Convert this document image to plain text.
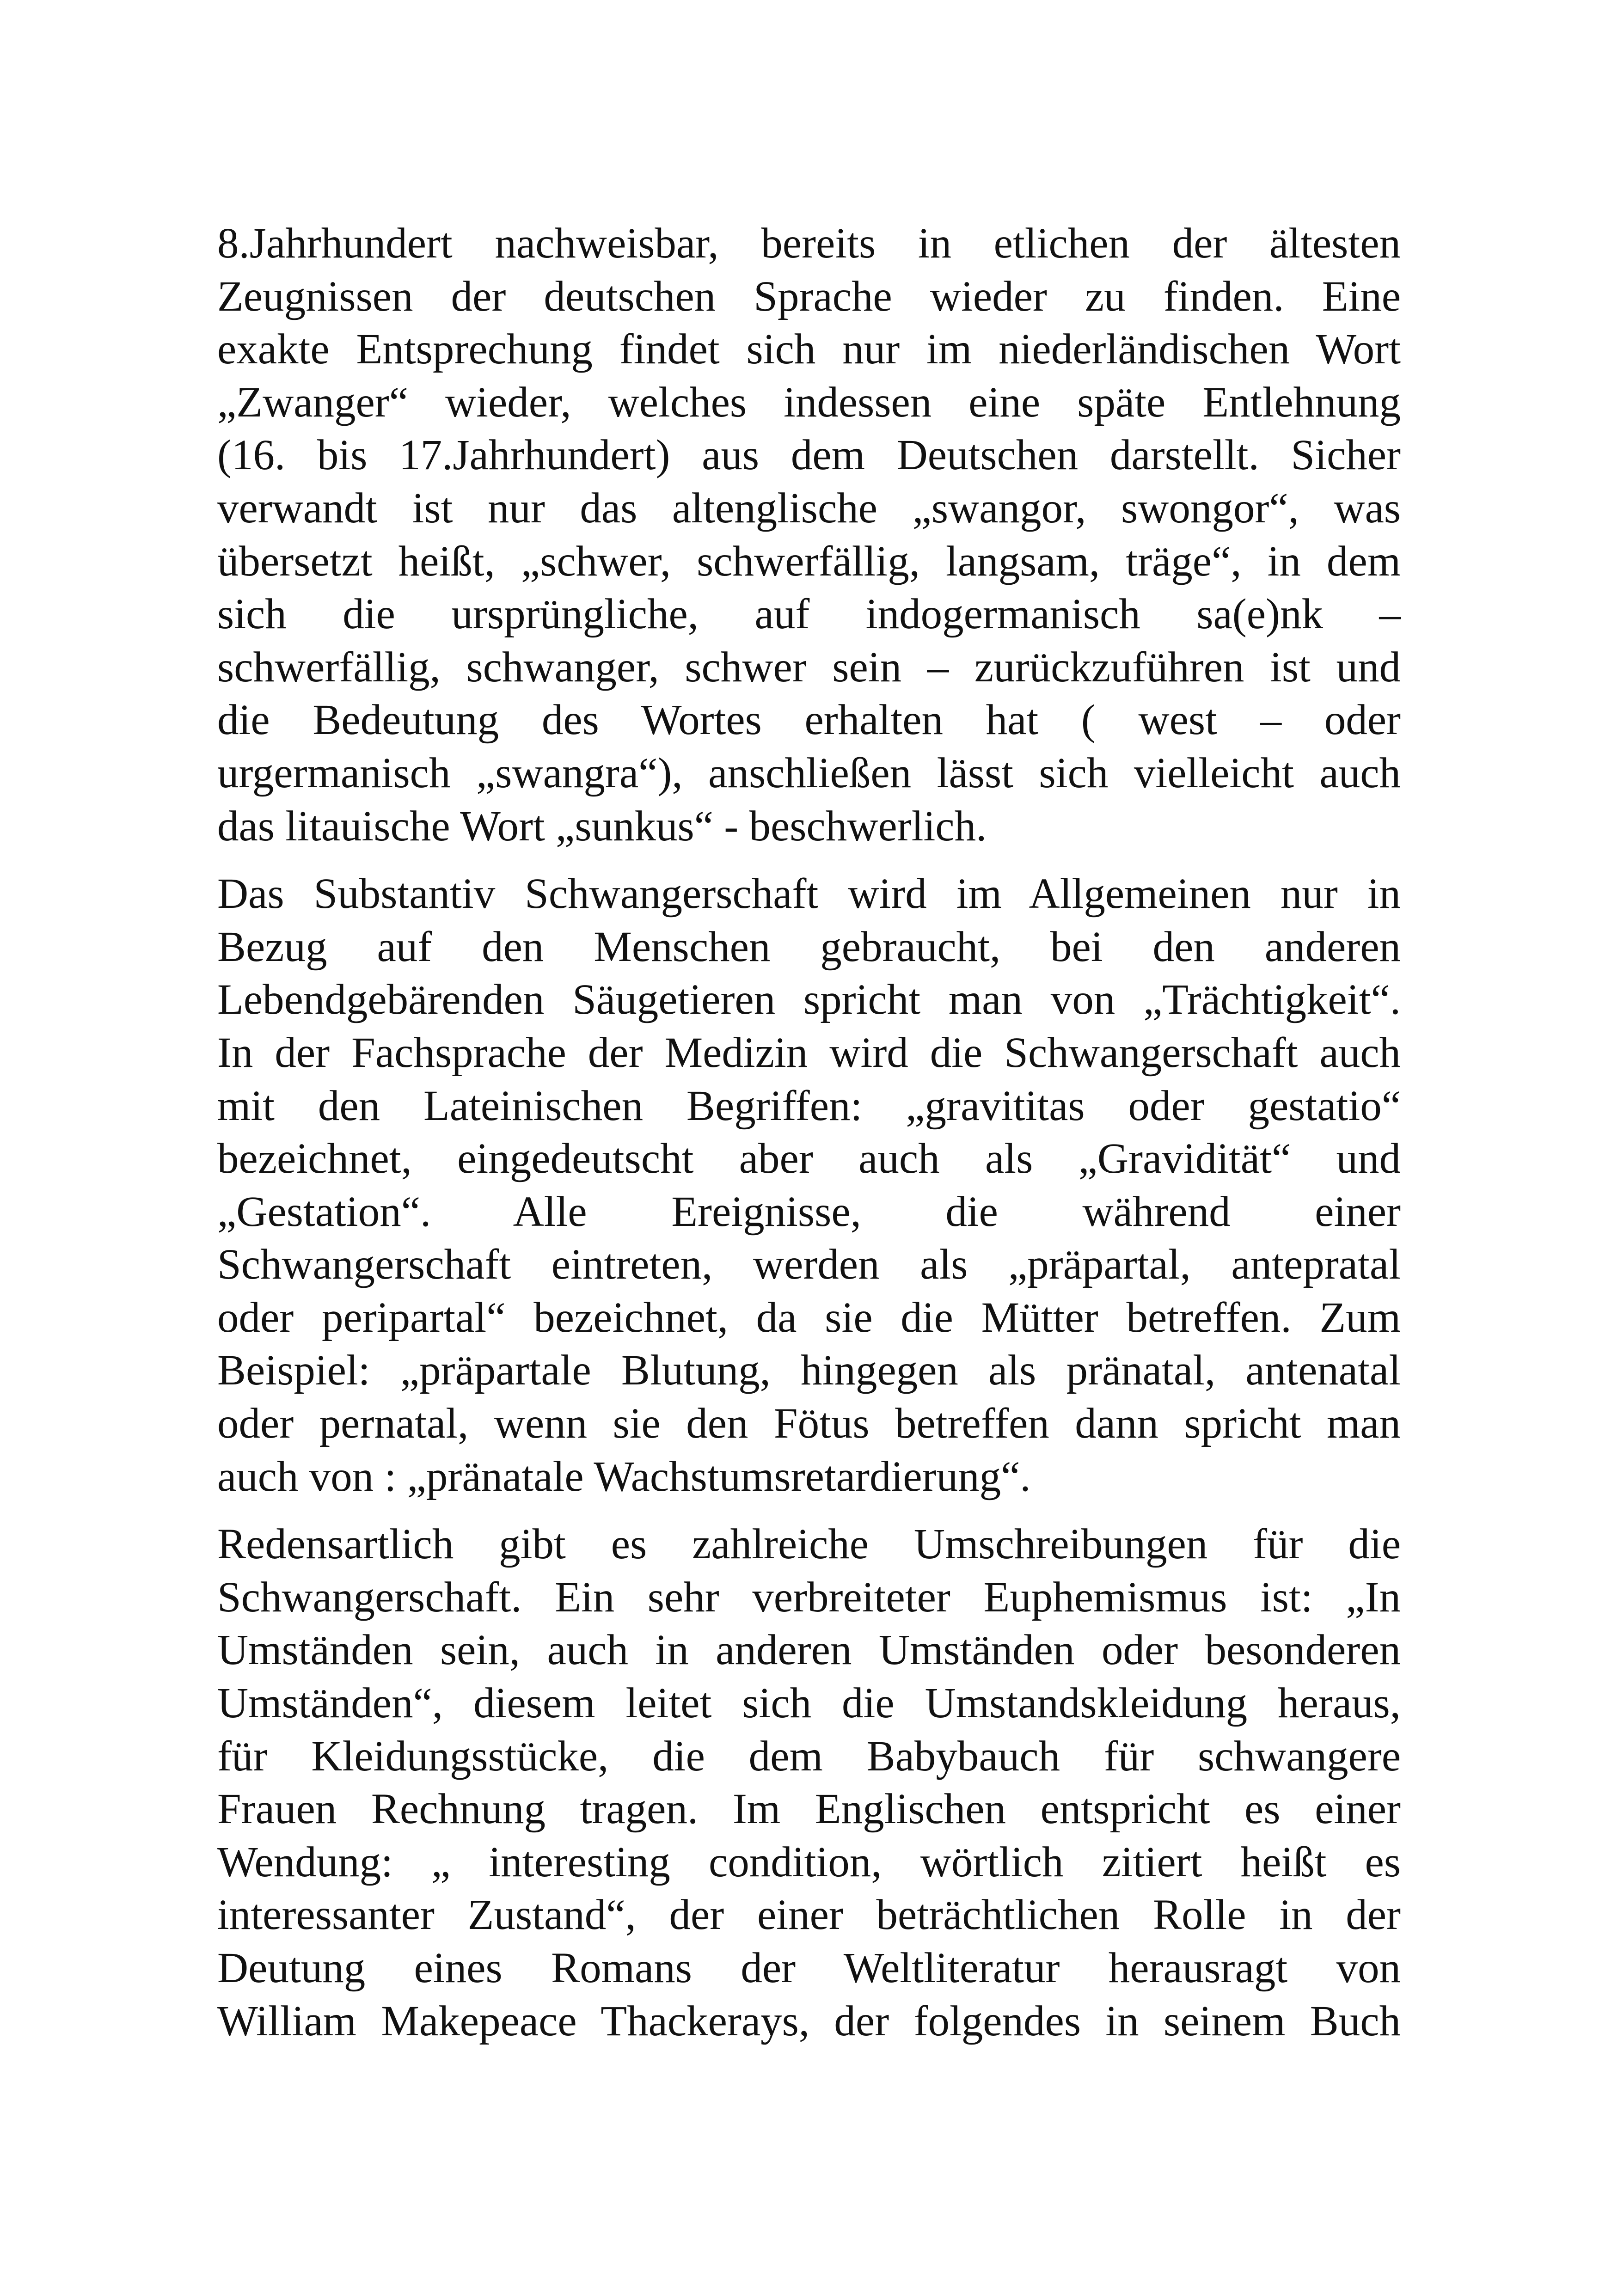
8.Jahrhundert nachweisbar, bereits in etlichen der ältesten
Zeugnissen der deutschen Sprache wieder zu finden. Eine
exakte Entsprechung findet sich nur im niederländischen Wort
„Zwanger“ wieder, welches indessen eine späte Entlehnung
(16. bis 17.Jahrhundert) aus dem Deutschen darstellt. Sicher
verwandt ist nur das altenglische „swangor, swongor“, was
übersetzt heißt, „schwer, schwerfällig, langsam, träge“, in dem
sich die ursprüngliche, auf indogermanisch sa(e)nk –
schwerfällig, schwanger, schwer sein – zurückzuführen ist und
die Bedeutung des Wortes erhalten hat ( west – oder
urgermanisch „swangra“), anschließen lässt sich vielleicht auch
das litauische Wort „sunkus“ - beschwerlich.
Das Substantiv Schwangerschaft wird im Allgemeinen nur in
Bezug auf den Menschen gebraucht, bei den anderen
Lebendgebärenden Säugetieren spricht man von „Trächtigkeit“.
In der Fachsprache der Medizin wird die Schwangerschaft auch
mit den Lateinischen Begriffen: „gravititas oder gestatio“
bezeichnet, eingedeutscht aber auch als „Gravidität“ und
„Gestation“. Alle Ereignisse, die während einer
Schwangerschaft eintreten, werden als „präpartal, antepratal
oder peripartal“ bezeichnet, da sie die Mütter betreffen. Zum
Beispiel: „präpartale Blutung, hingegen als pränatal, antenatal
oder pernatal, wenn sie den Fötus betreffen dann spricht man
auch von : „pränatale Wachstumsretardierung“.
Redensartlich gibt es zahlreiche Umschreibungen für die
Schwangerschaft. Ein sehr verbreiteter Euphemismus ist: „In
Umständen sein, auch in anderen Umständen oder besonderen
Umständen“, diesem leitet sich die Umstandskleidung heraus,
für Kleidungsstücke, die dem Babybauch für schwangere
Frauen Rechnung tragen. Im Englischen entspricht es einer
Wendung: „ interesting condition, wörtlich zitiert heißt es
interessanter Zustand“, der einer beträchtlichen Rolle in der
Deutung eines Romans der Weltliteratur herausragt von
William Makepeace Thackerays, der folgendes in seinem Buch
